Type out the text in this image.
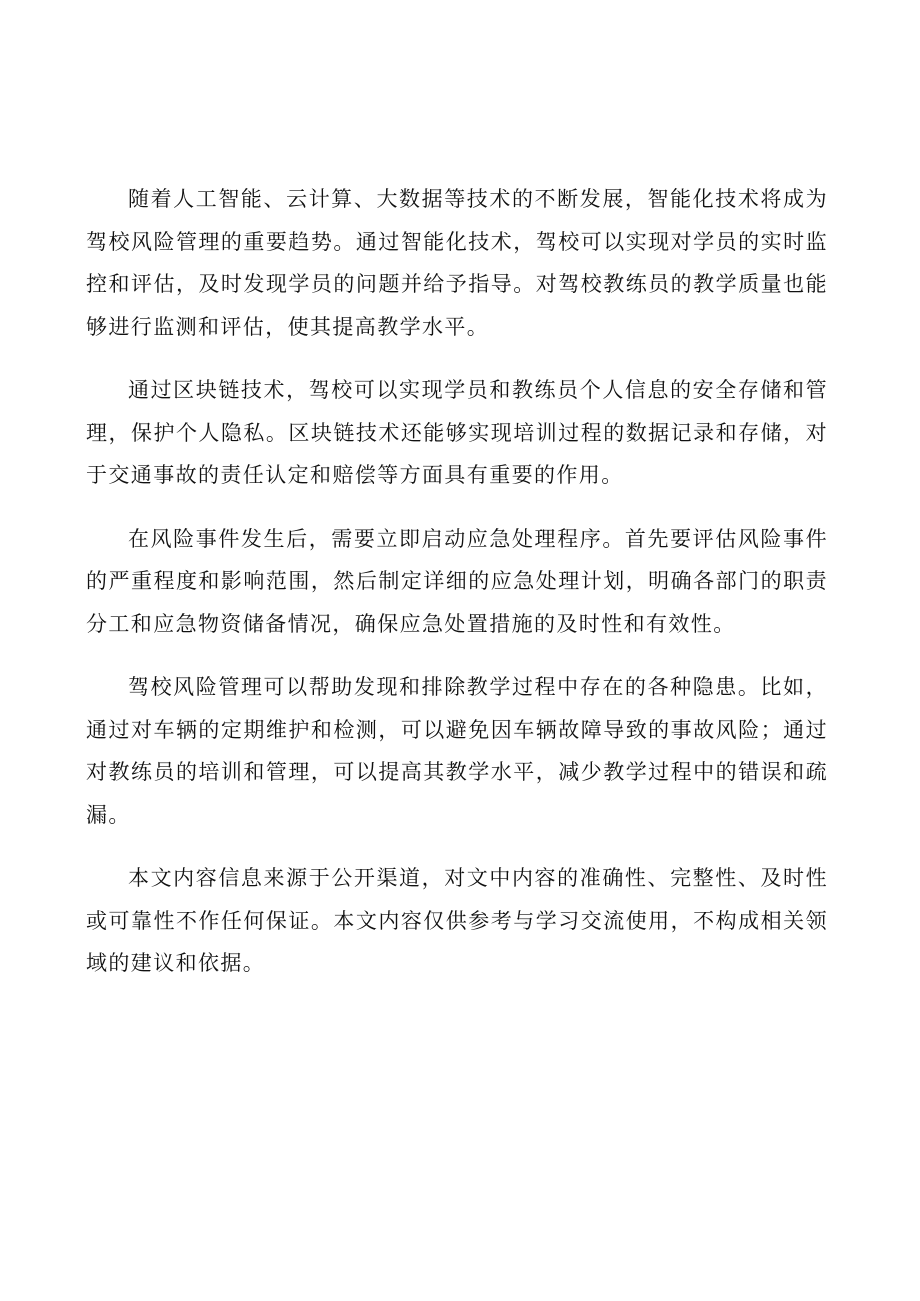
随着人工智能、云计算、大数据等技术的不断发展，智能化技术将成为驾校风险管理的重要趋势。通过智能化技术，驾校可以实现对学员的实时监控和评估，及时发现学员的问题并给予指导。对驾校教练员的教学质量也能够进行监测和评估，使其提高教学水平。

通过区块链技术，驾校可以实现学员和教练员个人信息的安全存储和管理，保护个人隐私。区块链技术还能够实现培训过程的数据记录和存储，对于交通事故的责任认定和赔偿等方面具有重要的作用。

在风险事件发生后，需要立即启动应急处理程序。首先要评估风险事件的严重程度和影响范围，然后制定详细的应急处理计划，明确各部门的职责分工和应急物资储备情况，确保应急处置措施的及时性和有效性。

驾校风险管理可以帮助发现和排除教学过程中存在的各种隐患。比如，通过对车辆的定期维护和检测，可以避免因车辆故障导致的事故风险；通过对教练员的培训和管理，可以提高其教学水平，减少教学过程中的错误和疏漏。

本文内容信息来源于公开渠道，对文中内容的准确性、完整性、及时性或可靠性不作任何保证。本文内容仅供参考与学习交流使用，不构成相关领域的建议和依据。
